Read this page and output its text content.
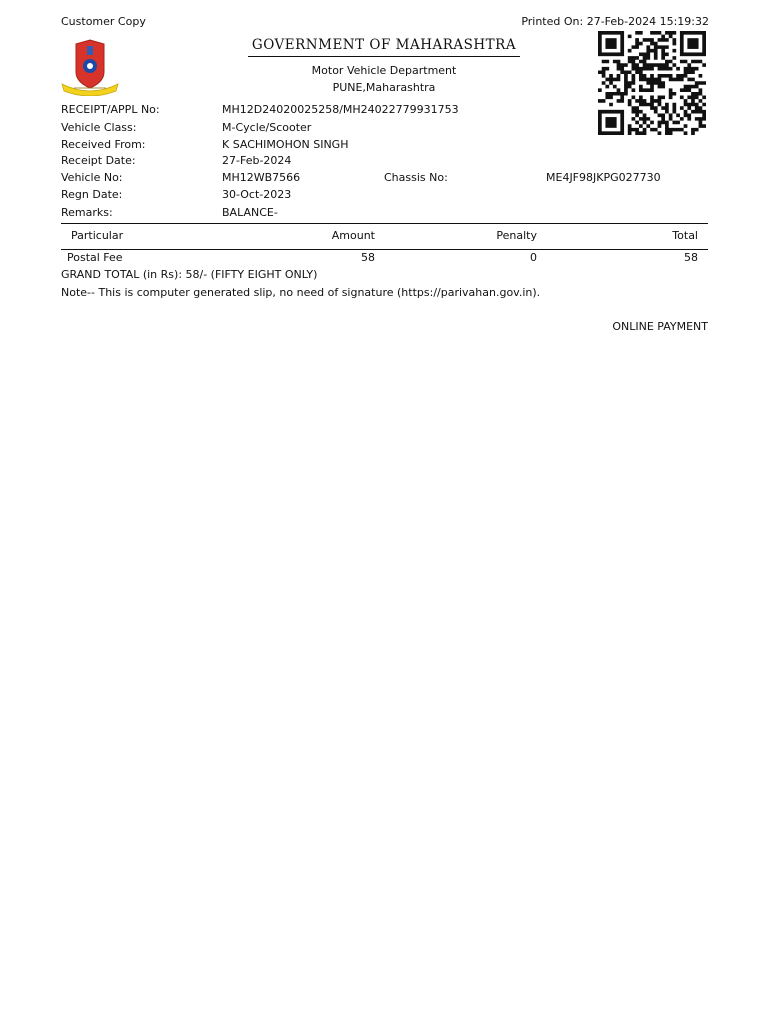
Customer Copy	Printed On: 27-Feb-2024 15:19:32
GOVERNMENT OF MAHARASHTRA
Motor Vehicle Department
PUNE,Maharashtra
RECEIPT/APPL No:	MH12D24020025258/MH24022779931753
Vehicle Class:	M-Cycle/Scooter
Received From:	K SACHIMOHON SINGH
Receipt Date:	27-Feb-2024
Vehicle No:	MH12WB7566	Chassis No:	ME4JF98JKPG027730
Regn Date:	30-Oct-2023
Remarks:	BALANCE-
Particular	Amount	Penalty	Total
Postal Fee	58	0	58
GRAND TOTAL (in Rs): 58/- (FIFTY EIGHT ONLY)
Note-- This is computer generated slip, no need of signature (https://parivahan.gov.in).
ONLINE PAYMENT
